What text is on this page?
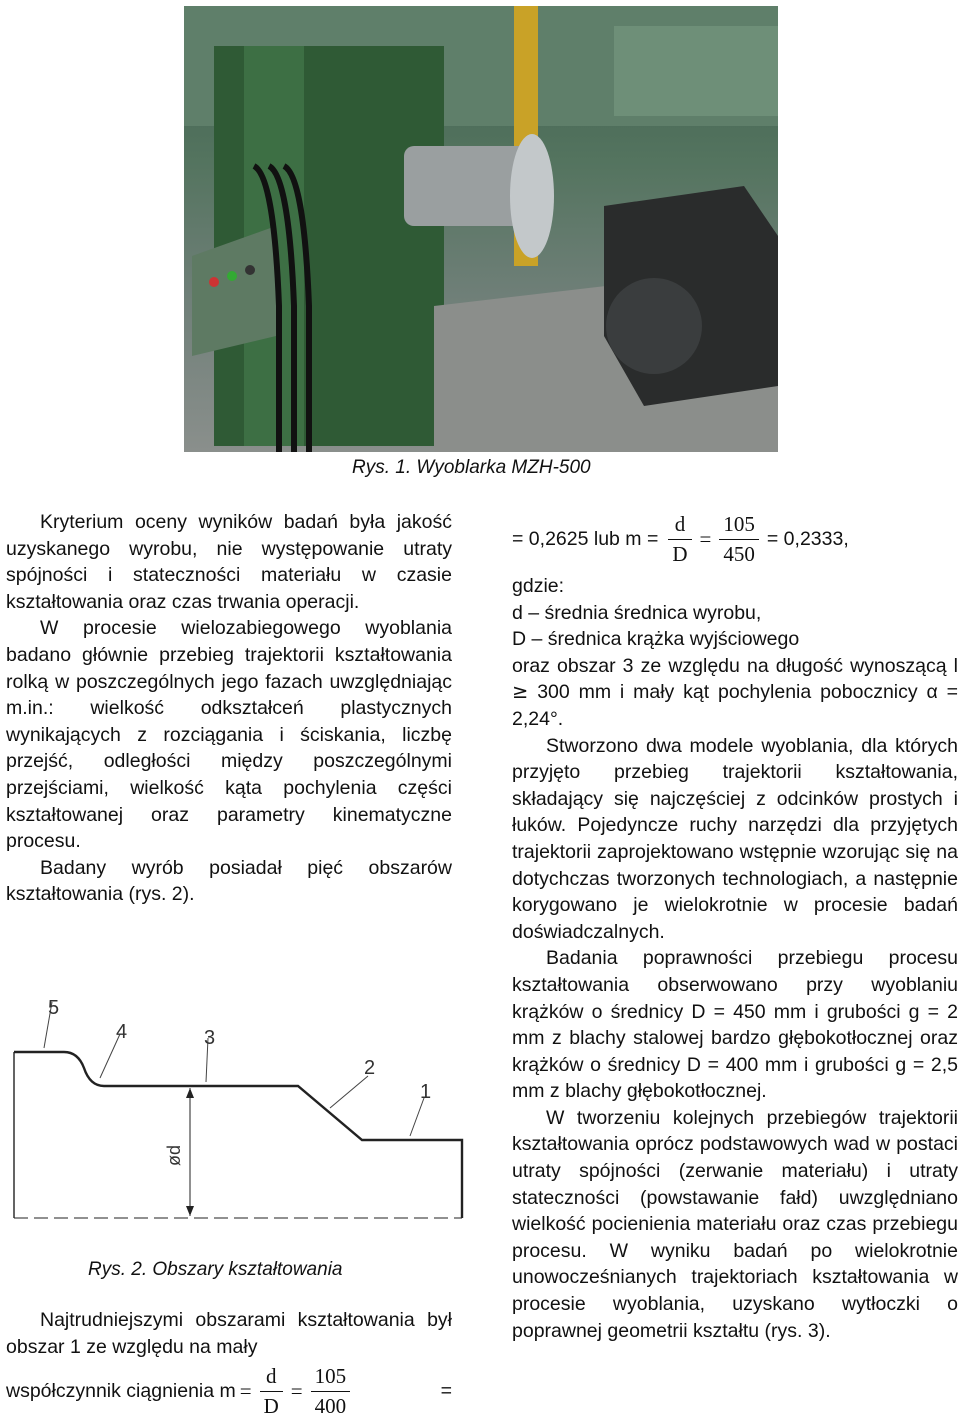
Rys. 1. Wyoblarka MZH-500

Kryterium oceny wyników badań była jakość uzyskanego wyrobu, nie występowanie utraty spójności i stateczności materiału w czasie kształtowania oraz czas trwania operacji.

W procesie wielozabiegowego wyoblania badano głównie przebieg trajektorii kształtowania rolką w poszczególnych jego fazach uwzględniając m.in.: wielkość odkształceń plastycznych wynikających z rozciągania i ściskania, liczbę przejść, odległości między poszczególnymi przejściami, wielkość kąta pochylenia części kształtowanej oraz parametry kinematyczne procesu.

Badany wyrób posiadał pięć obszarów kształtowania (rys. 2).

ød
5
4	3
2
1
Rys. 2. Obszary kształtowania

Najtrudniejszymi obszarami kształtowania był obszar 1 ze względu na mały

współczynnik ciągnienia $m = \frac{d}{D} = \frac{105}{400}$	=
= 0,2625 lub $m = \frac{d}{D} = \frac{105}{450} = 0,2333$,

gdzie:

d – średnia średnica wyrobu,

D – średnica krążka wyjściowego

oraz obszar 3 ze względu na długość wynoszącą l ≥ 300 mm i mały kąt pochylenia pobocznicy α = 2,24°.

Stworzono dwa modele wyoblania, dla których przyjęto przebieg trajektorii kształtowania, składający się najczęściej z odcinków prostych i łuków. Pojedyncze ruchy narzędzi dla przyjętych trajektorii zaprojektowano wstępnie wzorując się na dotychczas tworzonych technologiach, a następnie korygowano je wielokrotnie w procesie badań doświadczalnych.

Badania poprawności przebiegu procesu kształtowania obserwowano przy wyoblaniu krążków o średnicy D = 450 mm i grubości g = 2 mm z blachy stalowej bardzo głębokotłocznej oraz krążków o średnicy D = 400 mm i grubości g = 2,5 mm z blachy głębokotłocznej.

W tworzeniu kolejnych przebiegów trajektorii kształtowania oprócz podstawowych wad w postaci utraty spójności (zerwanie materiału) i utraty stateczności (powstawanie fałd) uwzględniano wielkość pocienienia materiału oraz czas przebiegu procesu. W wyniku badań po wielokrotnie unowocześnianych trajektoriach kształtowania w procesie wyoblania, uzyskano wytłoczki o poprawnej geometrii kształtu (rys. 3).
